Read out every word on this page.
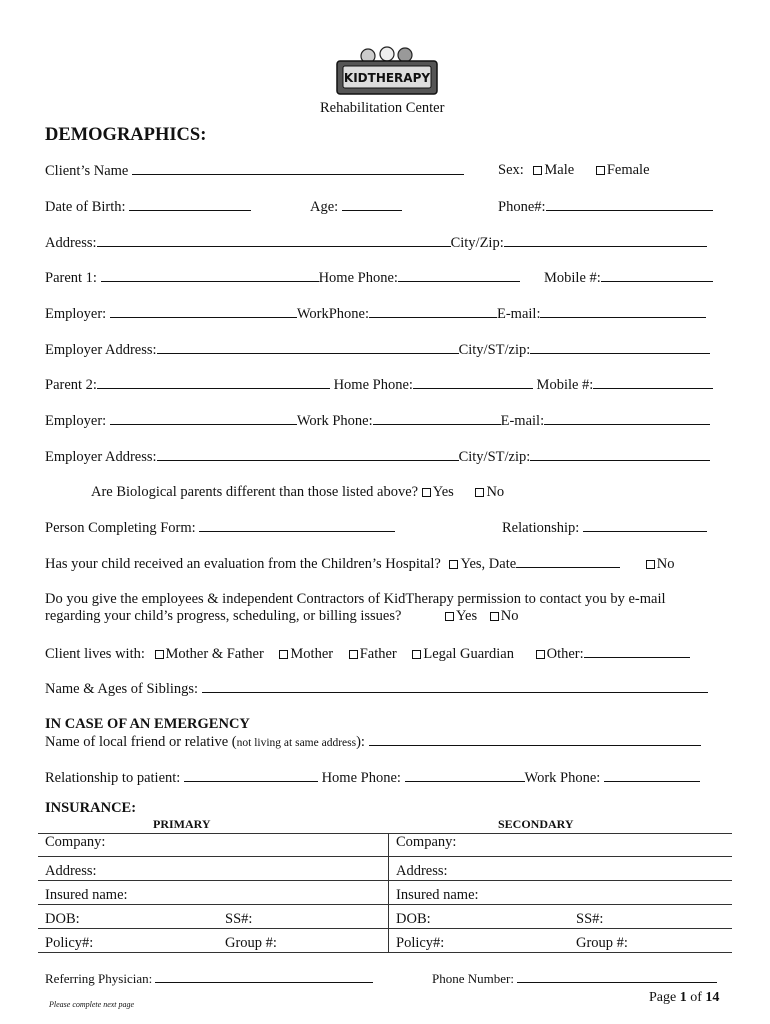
KIDTHERAPY
Rehabilitation Center
DEMOGRAPHICS:
Client’s Name	Sex: Male Female
Date of Birth:	Age:	Phone#:
Address:	City/Zip:
Parent 1:	Home Phone:	Mobile #:
Employer:	WorkPhone:	E-mail:
Employer Address:	City/ST/zip:
Parent 2:	Home Phone:	Mobile #:
Employer:	Work Phone:	E-mail:
Employer Address:	City/ST/zip:
Are Biological parents different than those listed above? Yes No
Person Completing Form:	Relationship:
Has your child received an evaluation from the Children’s Hospital? Yes, Date	No
Do you give the employees & independent Contractors of KidTherapy permission to contact you by e-mail
regarding your child’s progress, scheduling, or billing issues?	Yes No
Client lives with: Mother & Father Mother Father Legal Guardian Other:
Name & Ages of Siblings:
IN CASE OF AN EMERGENCY
Name of local friend or relative (not living at same address):
Relationship to patient:	Home Phone:	Work Phone:
INSURANCE:
PRIMARY	SECONDARY
Company:	Company:
Address:	Address:
Insured name:	Insured name:

DOB: SS#:	DOB: SS#:

Policy#: Group #:	Policy#: Group #:
Referring Physician:	Phone Number:
Please complete next page	Page 1 of 14
